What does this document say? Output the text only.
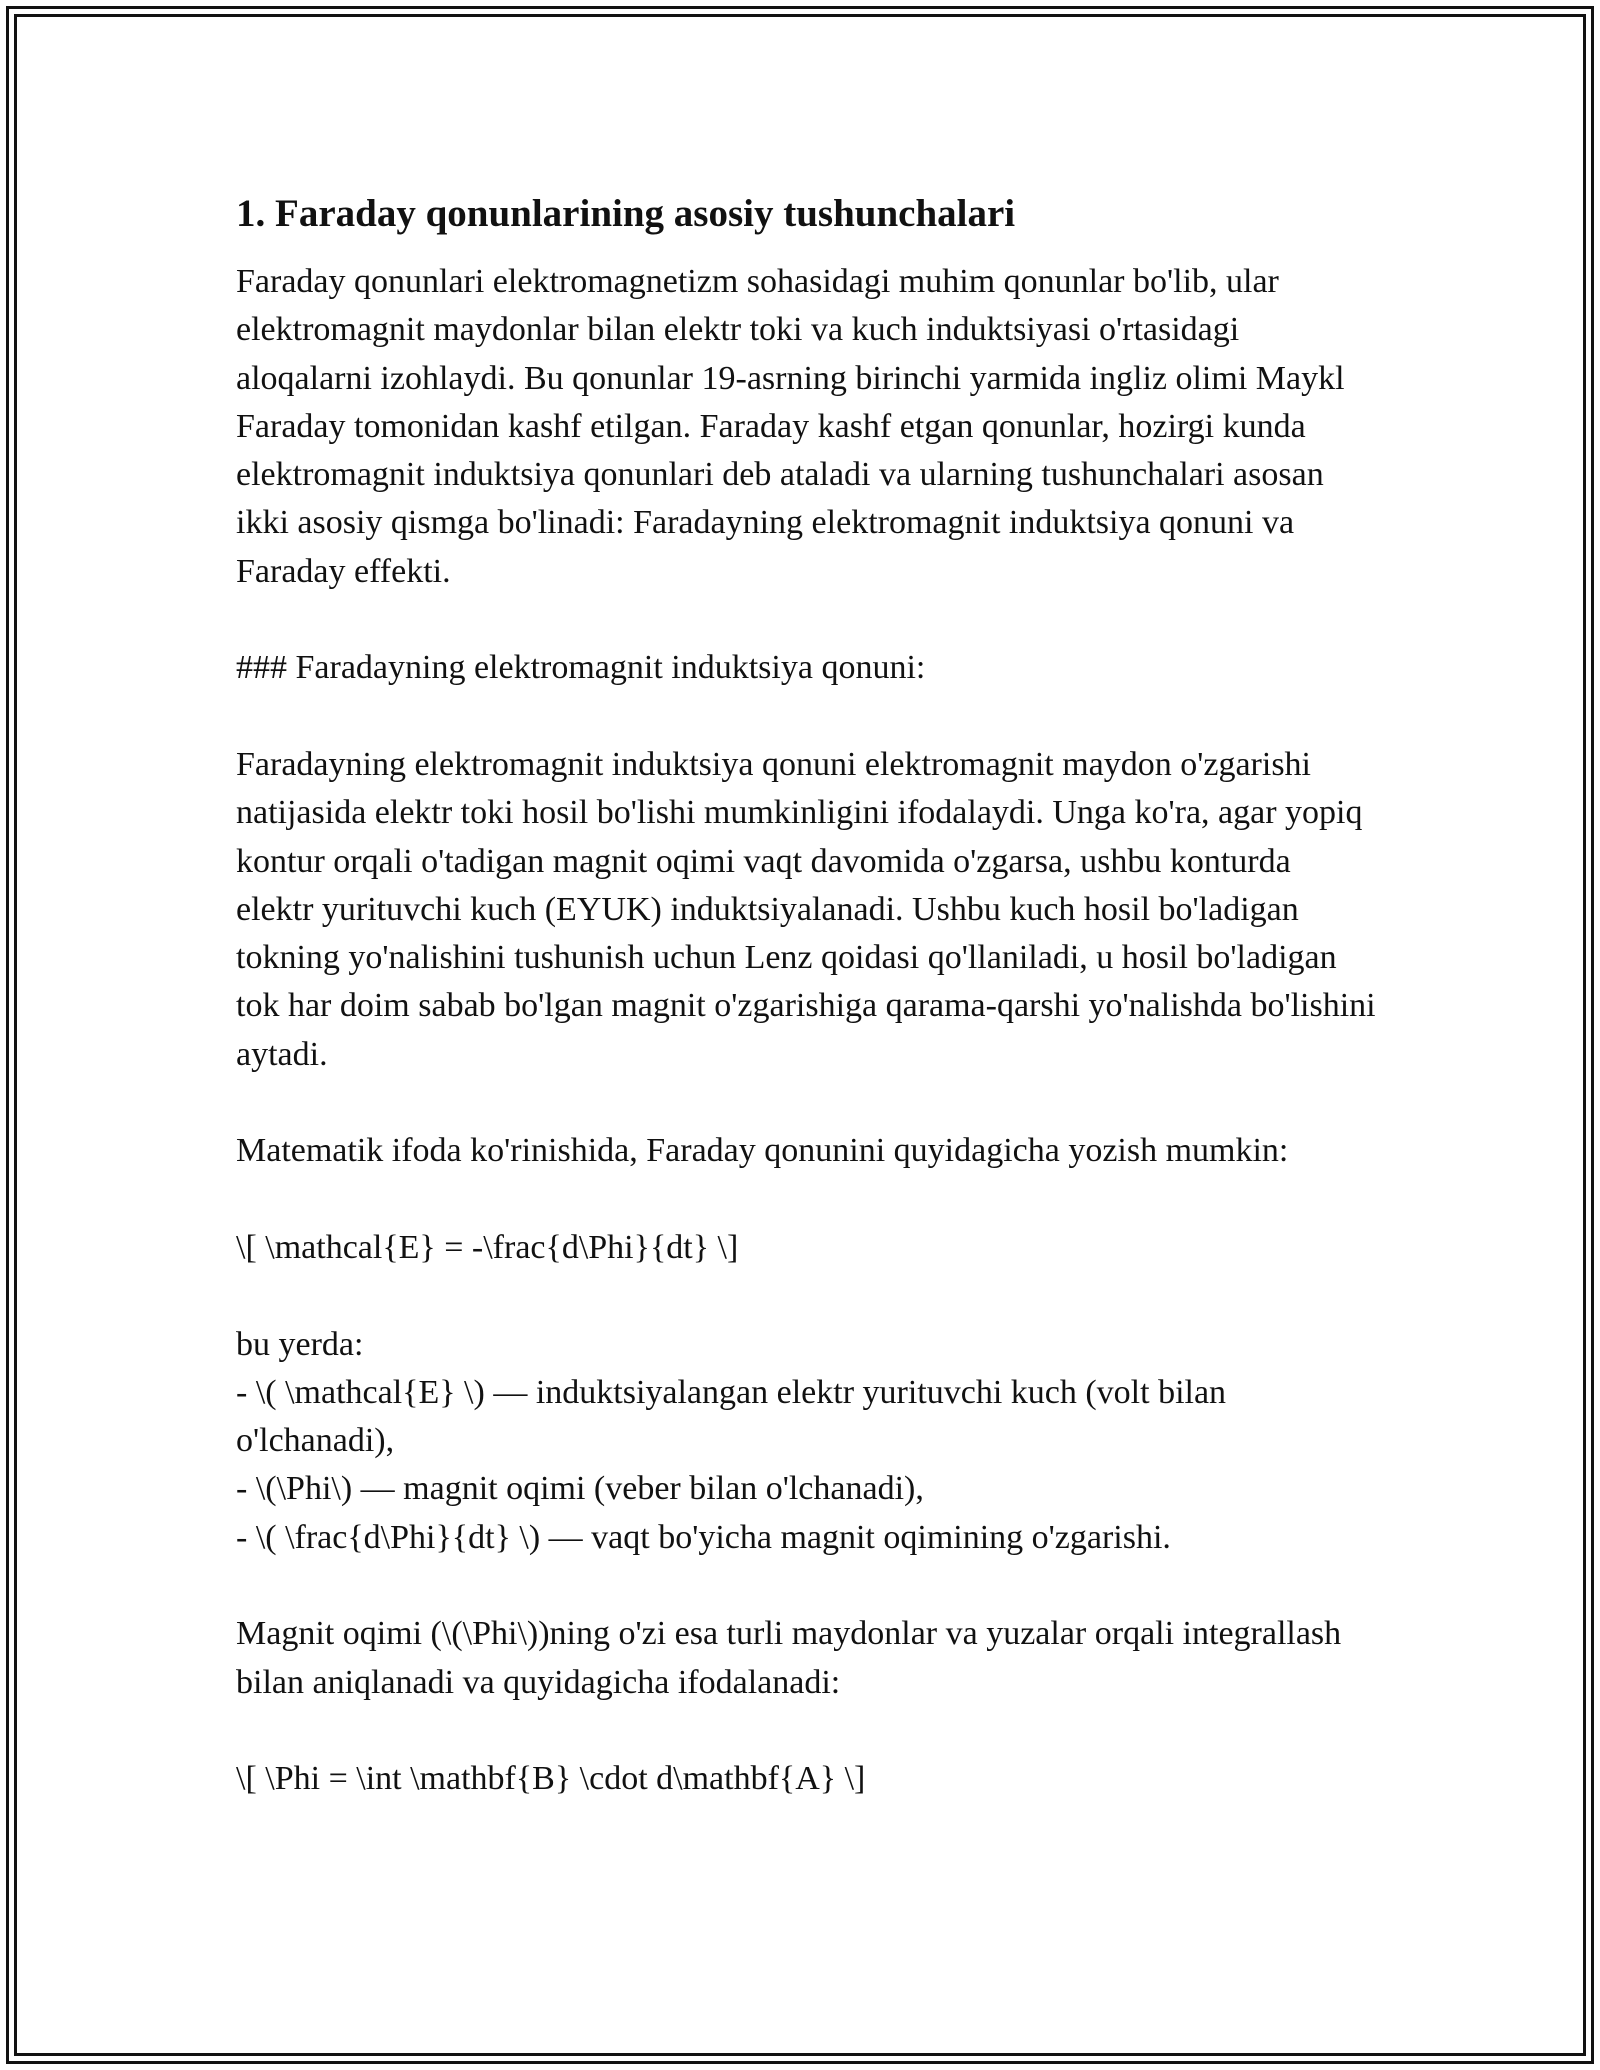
1. Faraday qonunlarining asosiy tushunchalari

Faraday qonunlari elektromagnetizm sohasidagi muhim qonunlar bo'lib, ular elektromagnit maydonlar bilan elektr toki va kuch induktsiyasi o'rtasidagi aloqalarni izohlaydi. Bu qonunlar 19-asrning birinchi yarmida ingliz olimi Maykl Faraday tomonidan kashf etilgan. Faraday kashf etgan qonunlar, hozirgi kunda elektromagnit induktsiya qonunlari deb ataladi va ularning tushunchalari asosan ikki asosiy qismga bo'linadi: Faradayning elektromagnit induktsiya qonuni va Faraday effekti.

### Faradayning elektromagnit induktsiya qonuni:

Faradayning elektromagnit induktsiya qonuni elektromagnit maydon o'zgarishi natijasida elektr toki hosil bo'lishi mumkinligini ifodalaydi. Unga ko'ra, agar yopiq kontur orqali o'tadigan magnit oqimi vaqt davomida o'zgarsa, ushbu konturda elektr yurituvchi kuch (EYUK) induktsiyalanadi. Ushbu kuch hosil bo'ladigan tokning yo'nalishini tushunish uchun Lenz qoidasi qo'llaniladi, u hosil bo'ladigan tok har doim sabab bo'lgan magnit o'zgarishiga qarama-qarshi yo'nalishda bo'lishini aytadi.

Matematik ifoda ko'rinishida, Faraday qonunini quyidagicha yozish mumkin:

\[ \mathcal{E} = -\frac{d\Phi}{dt} \]

bu yerda:

- \( \mathcal{E} \) — induktsiyalangan elektr yurituvchi kuch (volt bilan o'lchanadi),

- \(\Phi\) — magnit oqimi (veber bilan o'lchanadi),

- \( \frac{d\Phi}{dt} \) — vaqt bo'yicha magnit oqimining o'zgarishi.

Magnit oqimi (\(\Phi\))ning o'zi esa turli maydonlar va yuzalar orqali integrallash bilan aniqlanadi va quyidagicha ifodalanadi:

\[ \Phi = \int \mathbf{B} \cdot d\mathbf{A} \]
